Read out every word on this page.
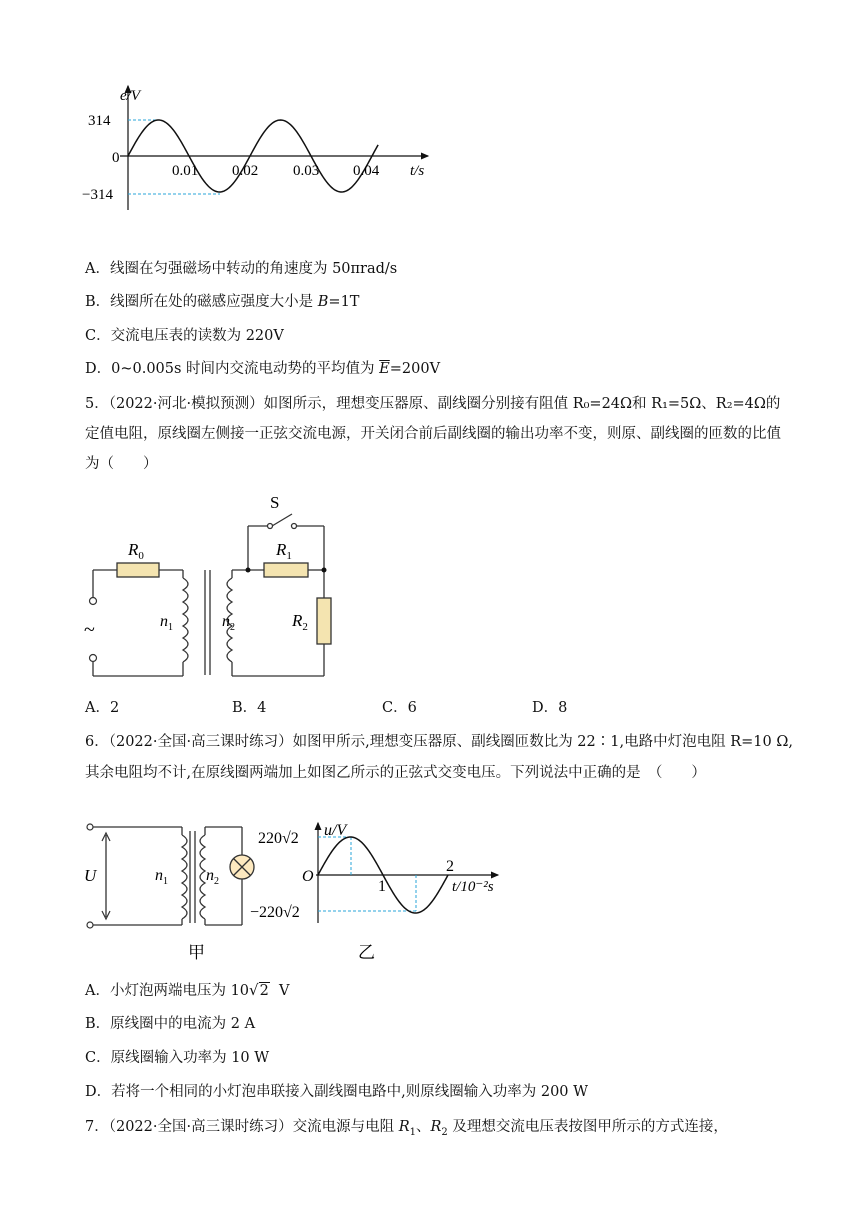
e/V
314
0
−314
0.01 0.02 0.03 0.04 t/s
A．线圈在匀强磁场中转动的角速度为 50πrad/s
B．线圈所在处的磁感应强度大小是 B=1T
C．交流电压表的读数为 220V
D．0~0.005s 时间内交流电动势的平均值为 $\overline{E}=200V$
5．（2022·河北·模拟预测）如图所示，理想变压器原、副线圈分别接有阻值 R₀=24Ω和 R₁=5Ω、R₂=4Ω的定值电阻，原线圈左侧接一正弦交流电源，开关闭合前后副线圈的输出功率不变，则原、副线圈的匝数的比值为（　　）
S
$R_0$	$R_1$
$R_2$
$n_1$	$n_2$
~
A．2	B．4	C．6	D．8
6．（2022·全国·高三课时练习）如图甲所示,理想变压器原、副线圈匝数比为 22∶1,电路中灯泡电阻 R=10 Ω,
其余电阻均不计,在原线圈两端加上如图乙所示的正弦式交变电压。下列说法中正确的是　（　　）
U	$n_1$ $n_2$
甲
u/V
220√2
O
−220√2
1
2
t/10⁻²s
乙
A．小灯泡两端电压为 10√2 V
B．原线圈中的电流为 2 A
C．原线圈输入功率为 10 W
D．若将一个相同的小灯泡串联接入副线圈电路中,则原线圈输入功率为 200 W
7．（2022·全国·高三课时练习）交流电源与电阻 $R_1$、$R_2$ 及理想交流电压表按图甲所示的方式连接，
